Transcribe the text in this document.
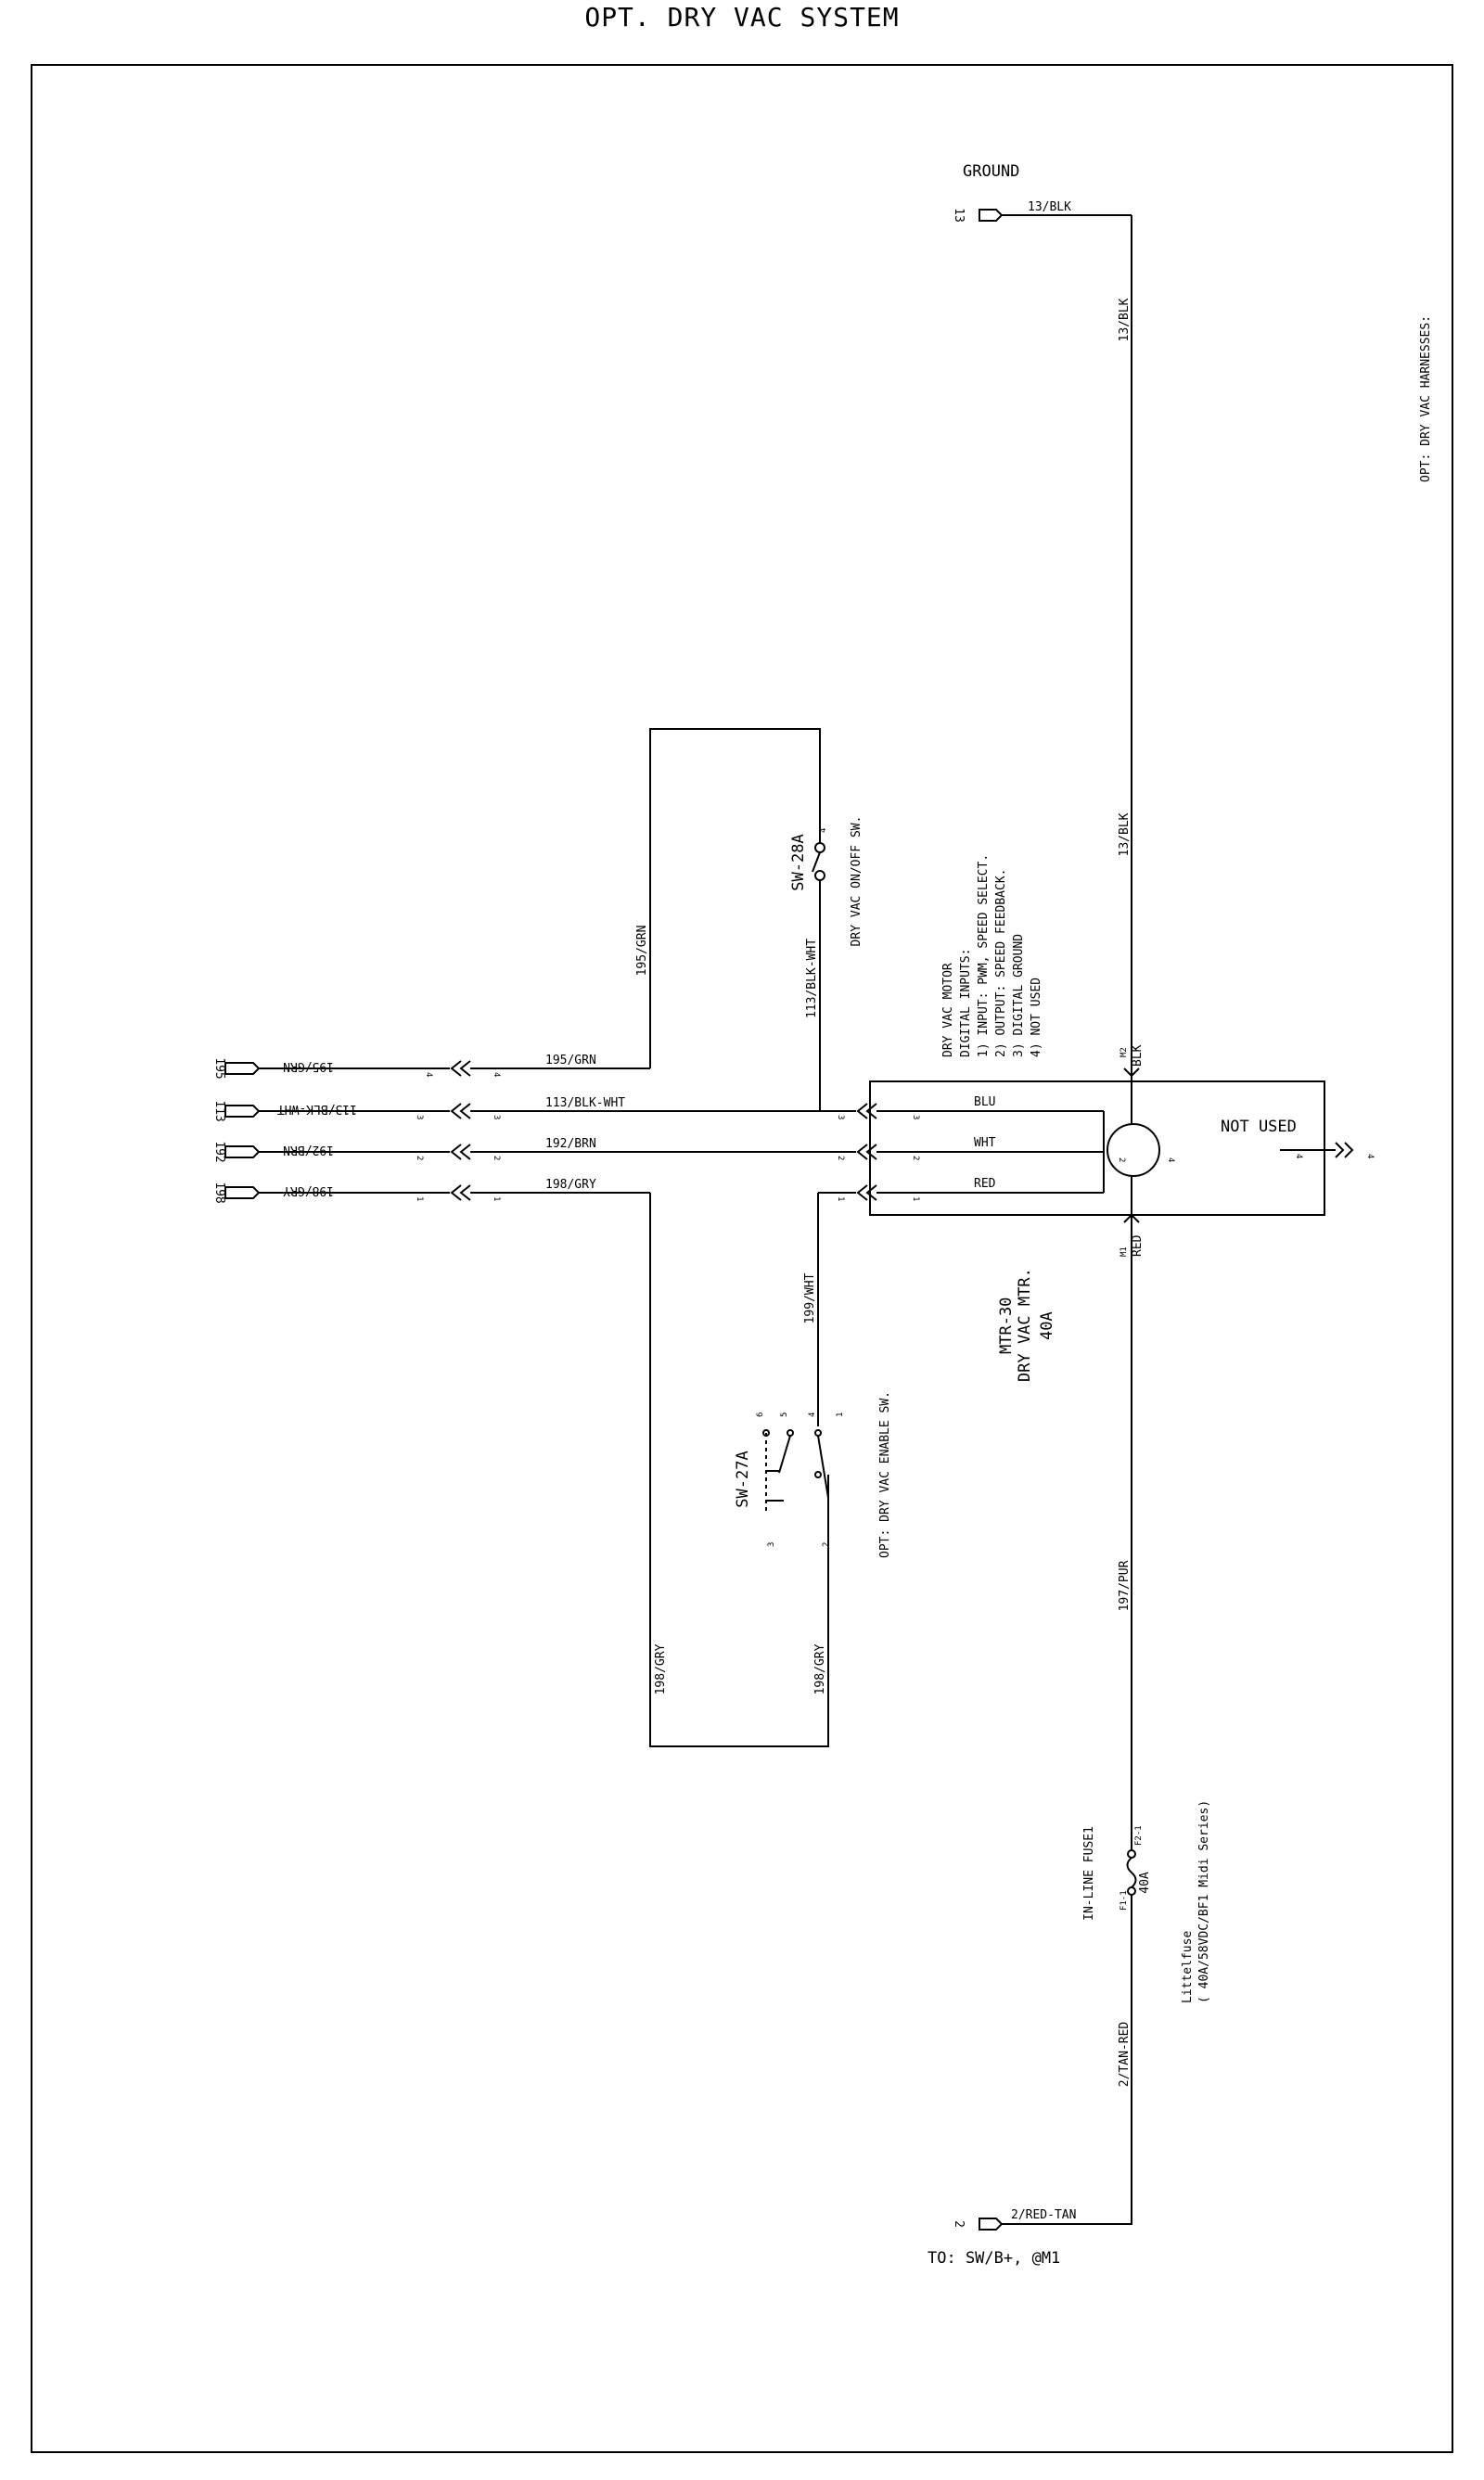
OPT. DRY VAC SYSTEM
OPT: DRY VAC HARNESSES:
GROUND
13
13/BLK
13/BLK
13/BLK
195	195/GRN
4
113	113/BLK-WHT
3
192	192/BRN
2
198	198/GRY
1
4
3
2
1
195/GRN
195/GRN
4
SW-28A	DRY VAC ON/OFF SW.
113/BLK-WHT
113/BLK-WHT
192/BRN
198/GRY
198/GRY	198/GRY
199/WHT
6 5 4 1
3	2
SW-27A	OPT: DRY VAC ENABLE SW.
3
2
1
3
2
1
BLU
WHT
RED
M2 BLK
M1 RED
2	4
NOT USED
4	4
DRY VAC MOTOR DIGITAL INPUTS: 1) INPUT: PWM, SPEED SELECT. 2) OUTPUT: SPEED FEEDBACK. 3) DIGITAL GROUND 4) NOT USED
MTR-30 DRY VAC MTR. 40A
197/PUR
F2-1
F1-1
40A
IN-LINE FUSE1
Littelfuse ( 40A/58VDC/BF1 Midi Series)
2/TAN-RED
2/RED-TAN
2
TO: SW/B+, @M1
